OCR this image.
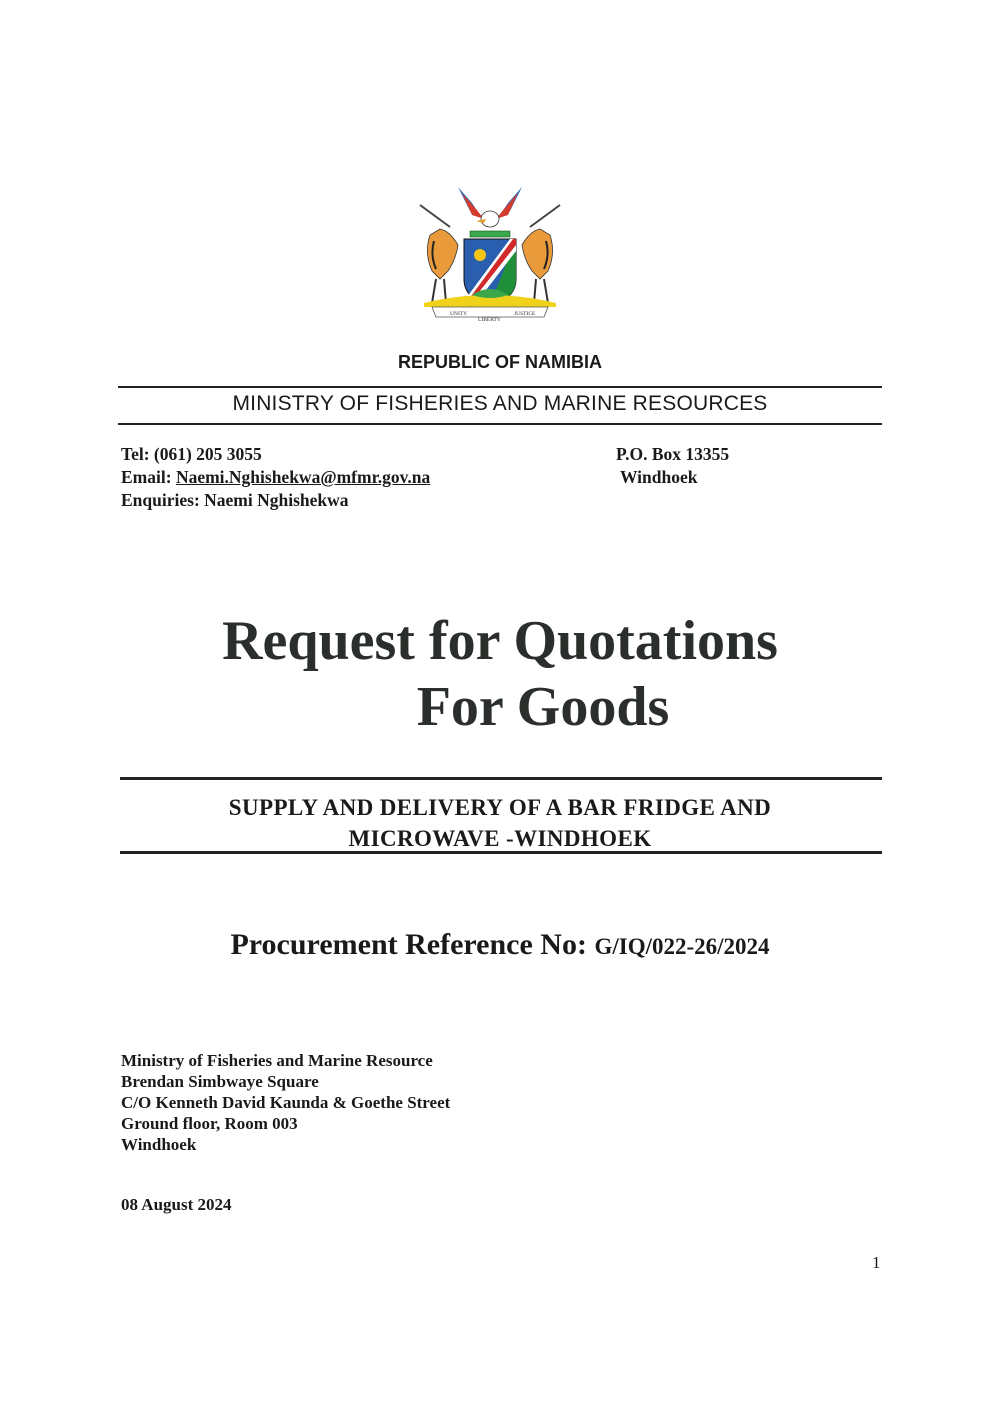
UNITY
LIBERTY
JUSTICE
REPUBLIC OF NAMIBIA
MINISTRY OF FISHERIES AND MARINE RESOURCES
Tel: (061) 205 3055
Email: Naemi.Nghishekwa@mfmr.gov.na
Enquiries: Naemi Nghishekwa
P.O. Box 13355
Windhoek
Request for Quotations
For Goods
SUPPLY AND DELIVERY OF A BAR FRIDGE AND
MICROWAVE -WINDHOEK
Procurement Reference No: G/IQ/022-26/2024
Ministry of Fisheries and Marine Resource
Brendan Simbwaye Square
C/O Kenneth David Kaunda & Goethe Street
Ground floor, Room 003
Windhoek
08 August 2024
1
